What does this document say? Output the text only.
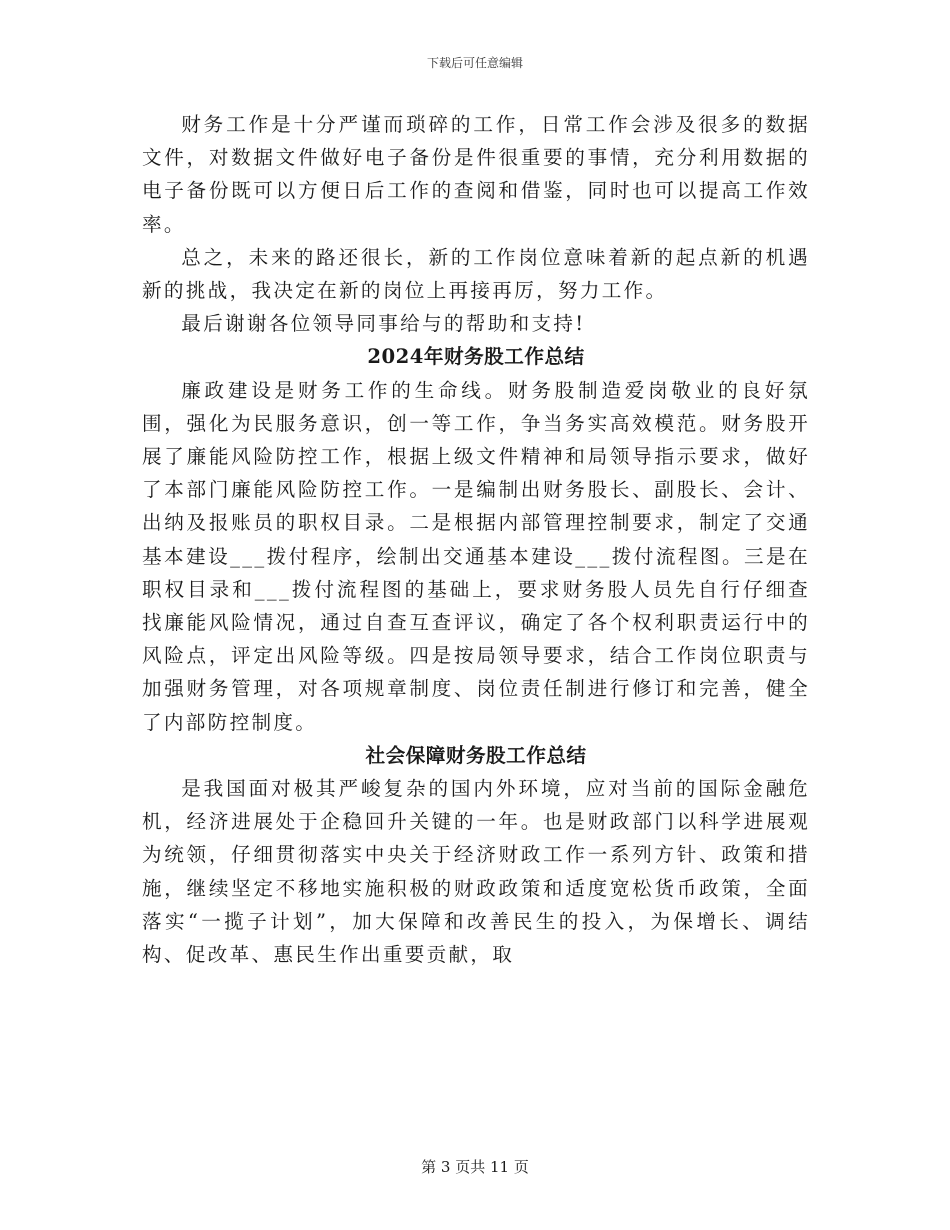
下载后可任意编辑

财务工作是十分严谨而琐碎的工作，日常工作会涉及很多的数据文件，对数据文件做好电子备份是件很重要的事情，充分利用数据的电子备份既可以方便日后工作的查阅和借鉴，同时也可以提高工作效率。

总之，未来的路还很长，新的工作岗位意味着新的起点新的机遇新的挑战，我决定在新的岗位上再接再厉，努力工作。

最后谢谢各位领导同事给与的帮助和支持!

2024年财务股工作总结

廉政建设是财务工作的生命线。财务股制造爱岗敬业的良好氛围，强化为民服务意识，创一等工作，争当务实高效模范。财务股开展了廉能风险防控工作，根据上级文件精神和局领导指示要求，做好了本部门廉能风险防控工作。一是编制出财务股长、副股长、会计、出纳及报账员的职权目录。二是根据内部管理控制要求，制定了交通基本建设___拨付程序，绘制出交通基本建设___拨付流程图。三是在职权目录和___拨付流程图的基础上，要求财务股人员先自行仔细查找廉能风险情况，通过自查互查评议，确定了各个权利职责运行中的风险点，评定出风险等级。四是按局领导要求，结合工作岗位职责与加强财务管理，对各项规章制度、岗位责任制进行修订和完善，健全了内部防控制度。

社会保障财务股工作总结

是我国面对极其严峻复杂的国内外环境，应对当前的国际金融危机，经济进展处于企稳回升关键的一年。也是财政部门以科学进展观为统领，仔细贯彻落实中央关于经济财政工作一系列方针、政策和措施，继续坚定不移地实施积极的财政政策和适度宽松货币政策，全面落实“一揽子计划”，加大保障和改善民生的投入，为保增长、调结构、促改革、惠民生作出重要贡献，取

第 3 页共 11 页
